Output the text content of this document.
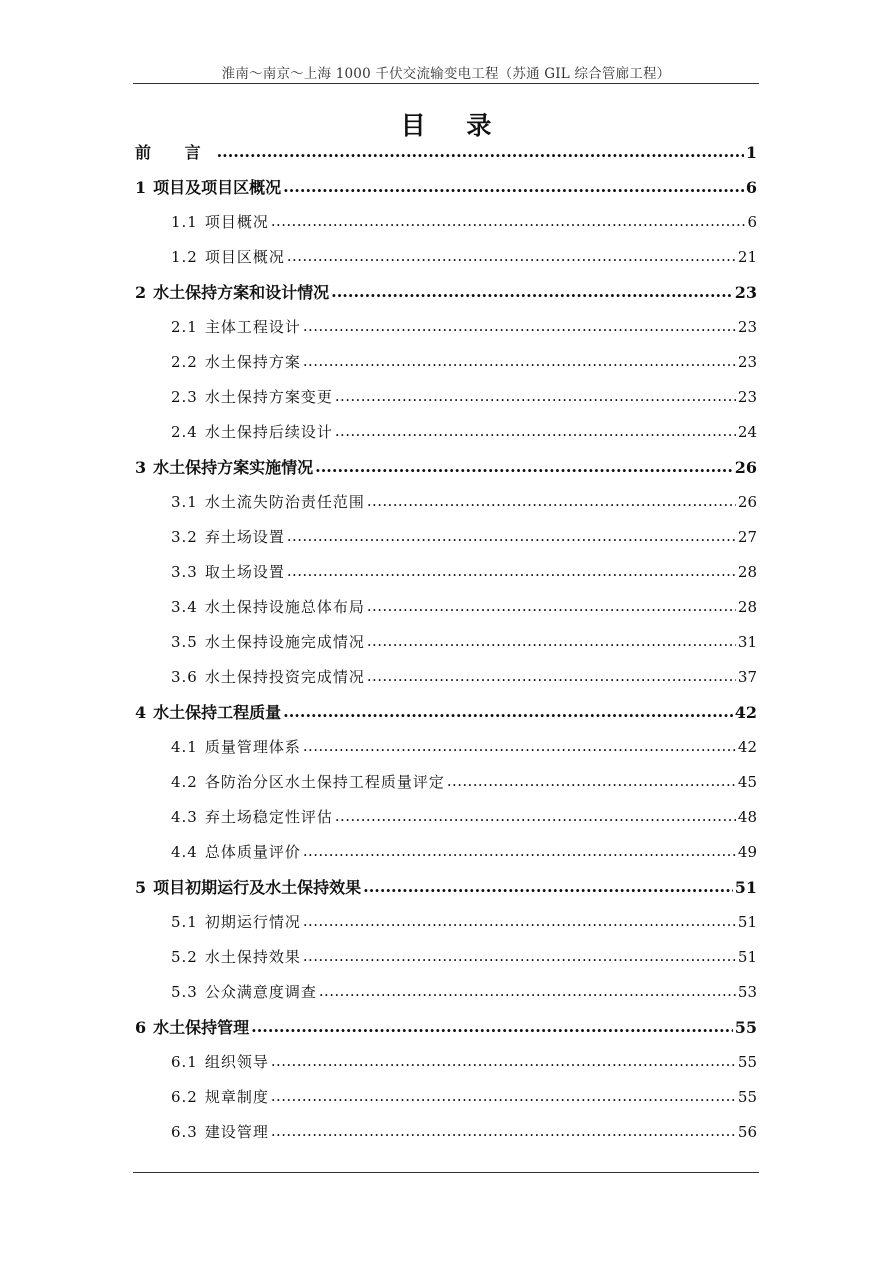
淮南～南京～上海 1000 千伏交流输变电工程（苏通 GIL 综合管廊工程）
目 录
前 言 .....	1
1 项目及项目区概况 .....	6
1.1 项目概况 .....	6
1.2 项目区概况 .....	21
2 水土保持方案和设计情况 .....	23
2.1 主体工程设计 .....	23
2.2 水土保持方案 .....	23
2.3 水土保持方案变更 .....	23
2.4 水土保持后续设计 .....	24
3 水土保持方案实施情况 .....	26
3.1 水土流失防治责任范围 .....	26
3.2 弃土场设置 .....	27
3.3 取土场设置 .....	28
3.4 水土保持设施总体布局 .....	28
3.5 水土保持设施完成情况 .....	31
3.6 水土保持投资完成情况 .....	37
4 水土保持工程质量 .....	42
4.1 质量管理体系 .....	42
4.2 各防治分区水土保持工程质量评定 .....	45
4.3 弃土场稳定性评估 .....	48
4.4 总体质量评价 .....	49
5 项目初期运行及水土保持效果 .....	51
5.1 初期运行情况 .....	51
5.2 水土保持效果 .....	51
5.3 公众满意度调查 .....	53
6 水土保持管理 .....	55
6.1 组织领导 .....	55
6.2 规章制度 .....	55
6.3 建设管理 .....	56
